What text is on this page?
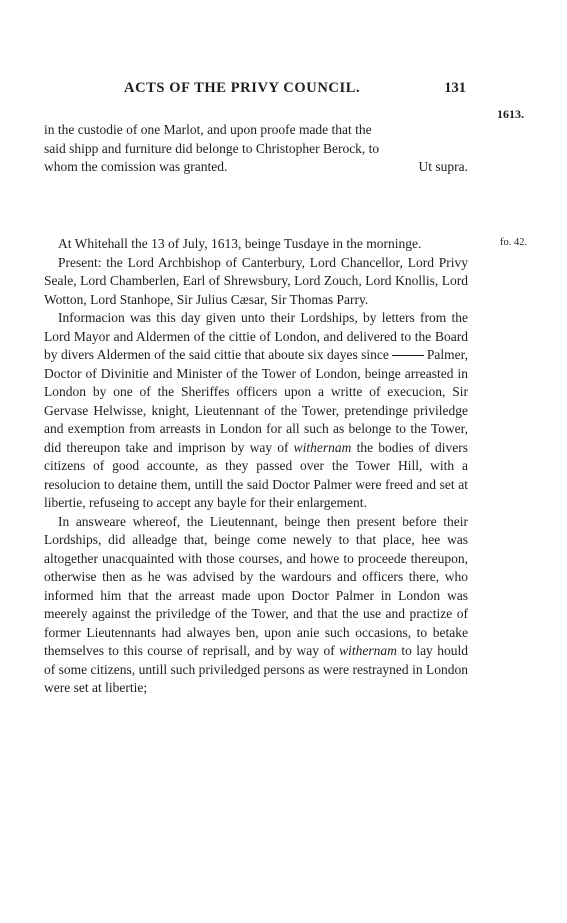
ACTS OF THE PRIVY COUNCIL.	131
1613.
fo. 42.

in the custodie of one Marlot, and upon proofe made that the

said shipp and furniture did belonge to Christopher Berock, to

whom the comission was granted.	Ut supra.

At Whitehall the 13 of July, 1613, beinge Tusdaye in the morninge.

Present: the Lord Archbishop of Canterbury, Lord Chancellor, Lord Privy Seale, Lord Chamberlen, Earl of Shrewsbury, Lord Zouch, Lord Knollis, Lord Wotton, Lord Stanhope, Sir Julius Cæsar, Sir Thomas Parry.

Informacion was this day given unto their Lordships, by letters from the Lord Mayor and Aldermen of the cittie of London, and delivered to the Board by divers Aldermen of the said cittie that aboute six dayes since	Palmer, Doctor of Divinitie and Minister of the Tower of London, beinge arreasted in London by one of the Sheriffes officers upon a writte of execucion, Sir Gervase Helwisse, knight, Lieutennant of the Tower, pretendinge priviledge and exemption from arreasts in London for all such as belonge to the Tower, did thereupon take and imprison by way of withernam the bodies of divers citizens of good accounte, as they passed over the Tower Hill, with a resolucion to detaine them, untill the said Doctor Palmer were freed and set at libertie, refuseing to accept any bayle for their enlargement.

In answeare whereof, the Lieutennant, beinge then present before their Lordships, did alleadge that, beinge come newely to that place, hee was altogether unacquainted with those courses, and howe to proceede thereupon, otherwise then as he was advised by the wardours and officers there, who informed him that the arreast made upon Doctor Palmer in London was meerely against the priviledge of the Tower, and that the use and practize of former Lieutennants had alwayes ben, upon anie such occasions, to betake themselves to this course of reprisall, and by way of withernam to lay hould of some citizens, untill such priviledged persons as were restrayned in London were set at libertie;
